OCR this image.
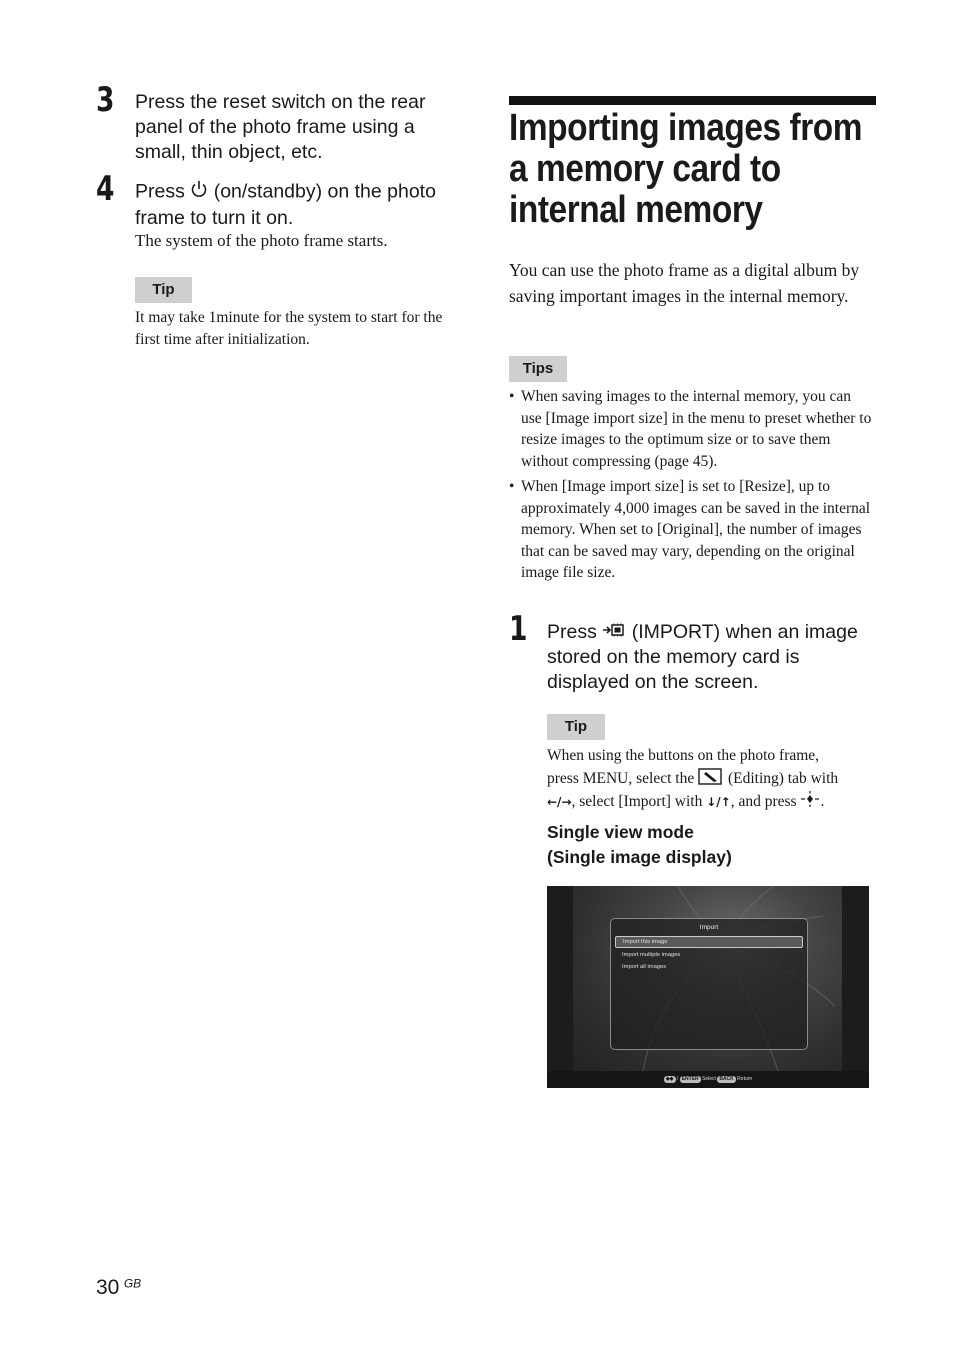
3 Press the reset switch on the rear panel of the photo frame using a small, thin object, etc.
4 Press (on/standby) on the photo frame to turn it on.
The system of the photo frame starts.
Tip
It may take 1minute for the system to start for the first time after initialization.
Importing images from a memory card to internal memory
You can use the photo frame as a digital album by saving important images in the internal memory.
Tips
• When saving images to the internal memory, you can use [Image import size] in the menu to preset whether to resize images to the optimum size or to save them without compressing (page 45).
• When [Image import size] is set to [Resize], up to approximately 4,000 images can be saved in the internal memory. When set to [Original], the number of images that can be saved may vary, depending on the original image file size.
1 Press (IMPORT) when an image stored on the memory card is displayed on the screen.
Tip
When using the buttons on the photo frame,
press MENU, select the (Editing) tab with
←/→, select [Import] with ↓/↑, and press .
Single view mode
(Single image display)
Import
Import this image
Import multiple images
Import all images
◆◆ / ENTER Select BACK Return
30 $^{GB}$
